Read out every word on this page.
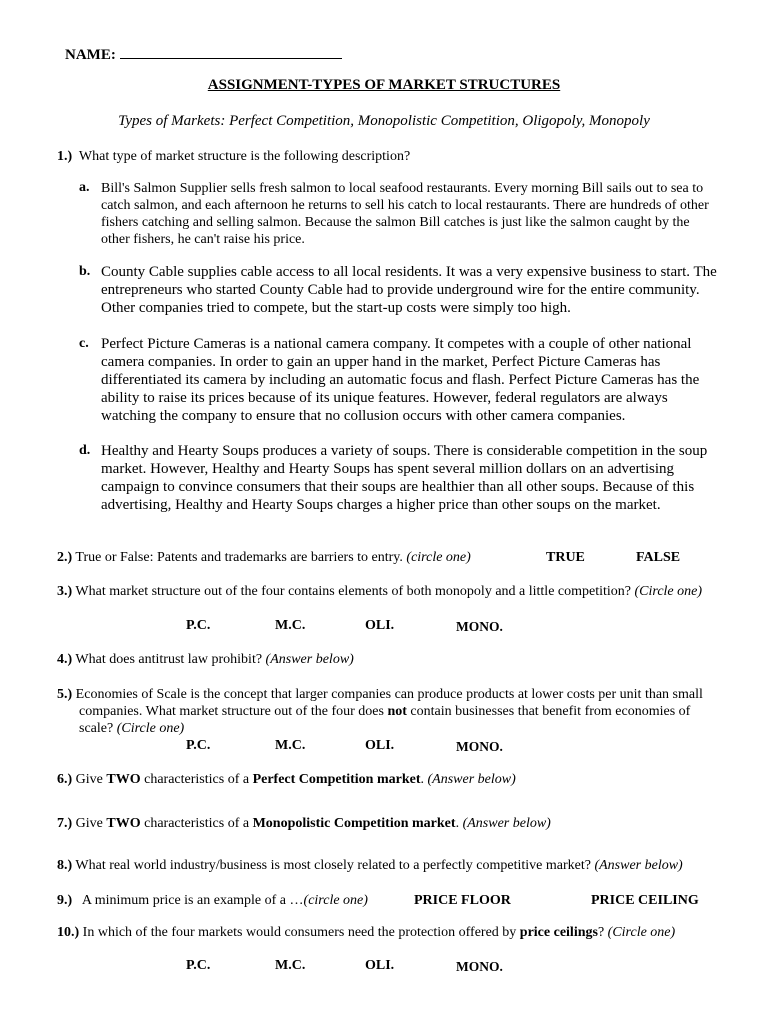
NAME:
ASSIGNMENT-TYPES OF MARKET STRUCTURES
Types of Markets: Perfect Competition, Monopolistic Competition, Oligopoly, Monopoly
1.) What type of market structure is the following description?
a. Bill's Salmon Supplier sells fresh salmon to local seafood restaurants. Every morning Bill sails out to sea to catch salmon, and each afternoon he returns to sell his catch to local restaurants. There are hundreds of other fishers catching and selling salmon. Because the salmon Bill catches is just like the salmon caught by the other fishers, he can't raise his price.
b. County Cable supplies cable access to all local residents. It was a very expensive business to start. The entrepreneurs who started County Cable had to provide underground wire for the entire community. Other companies tried to compete, but the start-up costs were simply too high.
c. Perfect Picture Cameras is a national camera company. It competes with a couple of other national camera companies. In order to gain an upper hand in the market, Perfect Picture Cameras has differentiated its camera by including an automatic focus and flash. Perfect Picture Cameras has the ability to raise its prices because of its unique features. However, federal regulators are always watching the company to ensure that no collusion occurs with other camera companies.
d. Healthy and Hearty Soups produces a variety of soups. There is considerable competition in the soup market. However, Healthy and Hearty Soups has spent several million dollars on an advertising campaign to convince consumers that their soups are healthier than all other soups. Because of this advertising, Healthy and Hearty Soups charges a higher price than other soups on the market.
2.) True or False: Patents and trademarks are barriers to entry. (circle one)	TRUE	FALSE
3.) What market structure out of the four contains elements of both monopoly and a little competition? (Circle one)
P.C.	M.C.	OLI.	MONO.
4.) What does antitrust law prohibit? (Answer below)
5.) Economies of Scale is the concept that larger companies can produce products at lower costs per unit than small
companies. What market structure out of the four does not contain businesses that benefit from economies of
scale? (Circle one)
P.C.	M.C.	OLI.	MONO.
6.) Give TWO characteristics of a Perfect Competition market. (Answer below)
7.) Give TWO characteristics of a Monopolistic Competition market. (Answer below)
8.) What real world industry/business is most closely related to a perfectly competitive market? (Answer below)
9.) A minimum price is an example of a …(circle one)	PRICE FLOOR	PRICE CEILING
10.) In which of the four markets would consumers need the protection offered by price ceilings? (Circle one)
P.C.	M.C.	OLI.	MONO.
